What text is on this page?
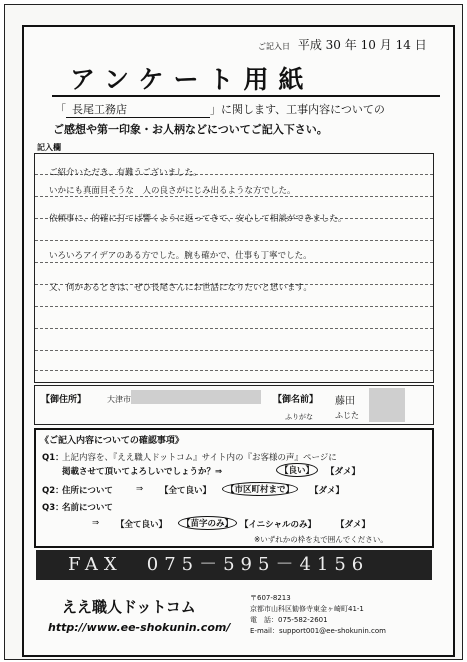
ご記入日 平成 30 年 10 月 14 日
アンケート用紙
「 長尾工務店	」に関します、工事内容についての
ご感想や第一印象・お人柄などについてご記入下さい。
記入欄
ご紹介いただき、有難うございました。
いかにも真面目そうな　人の良さがにじみ出るような方でした。
依頼事に、的確に打てば響くように返ってきて、安心して相談ができました。
いろいろアイデアのある方でした。腕も確かで、仕事も丁寧でした。
又、何かあるときは、ぜひ長尾さんにお世話になりたいと思います。
【御住所】	大津市	【御名前】 藤田
ふりがな	ふじた
《ご記入内容についての確認事項》
Q1：
上記内容を、『ええ職人ドットコム』サイト内の『お客様の声』ページに
掲載させて頂いてよろしいでしょうか？⇒	【良い】	【ダメ】
Q2：
住所について	⇒ 【全て良い】	【市区町村まで】	【ダメ】
Q3：
名前について
⇒ 【全て良い】	【苗字のみ】 【イニシャルのみ】 【ダメ】
※いずれかの枠を丸で囲んでください。
FAX　075－595－4156
ええ職人ドットコム
http://www.ee-shokunin.com/
〒607-8213
京都市山科区勧修寺東金ヶ崎町41-1
電　話：075-582-2601
E-mail：support001@ee-shokunin.com
